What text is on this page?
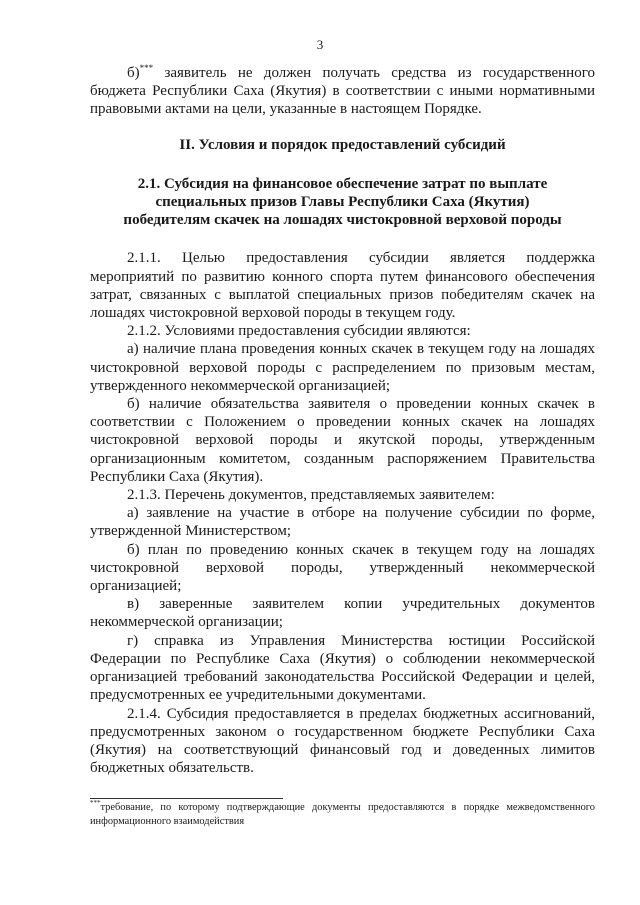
3

б)*** заявитель не должен получать средства из государственного бюджета Республики Саха (Якутия) в соответствии с иными нормативными правовыми актами на цели, указанные в настоящем Порядке.

II. Условия и порядок предоставлений субсидий

2.1. Субсидия на финансовое обеспечение затрат по выплате

специальных призов Главы Республики Саха (Якутия)

победителям скачек на лошадях чистокровной верховой породы

2.1.1. Целью предоставления субсидии является поддержка мероприятий по развитию конного спорта путем финансового обеспечения затрат, связанных с выплатой специальных призов победителям скачек на лошадях чистокровной верховой породы в текущем году.

2.1.2. Условиями предоставления субсидии являются:

а) наличие плана проведения конных скачек в текущем году на лошадях чистокровной верховой породы с распределением по призовым местам, утвержденного некоммерческой организацией;

б) наличие обязательства заявителя о проведении конных скачек в соответствии с Положением о проведении конных скачек на лошадях чистокровной верховой породы и якутской породы, утвержденным организационным комитетом, созданным распоряжением Правительства Республики Саха (Якутия).

2.1.3. Перечень документов, представляемых заявителем:

а) заявление на участие в отборе на получение субсидии по форме, утвержденной Министерством;

б) план по проведению конных скачек в текущем году на лошадях чистокровной верховой породы, утвержденный некоммерческой организацией;

в) заверенные заявителем копии учредительных документов некоммерческой организации;

г) справка из Управления Министерства юстиции Российской Федерации по Республике Саха (Якутия) о соблюдении некоммерческой организацией требований законодательства Российской Федерации и целей, предусмотренных ее учредительными документами.

2.1.4. Субсидия предоставляется в пределах бюджетных ассигнований, предусмотренных законом о государственном бюджете Республики Саха (Якутия) на соответствующий финансовый год и доведенных лимитов бюджетных обязательств.

***требование, по которому подтверждающие документы предоставляются в порядке межведомственного информационного взаимодействия
